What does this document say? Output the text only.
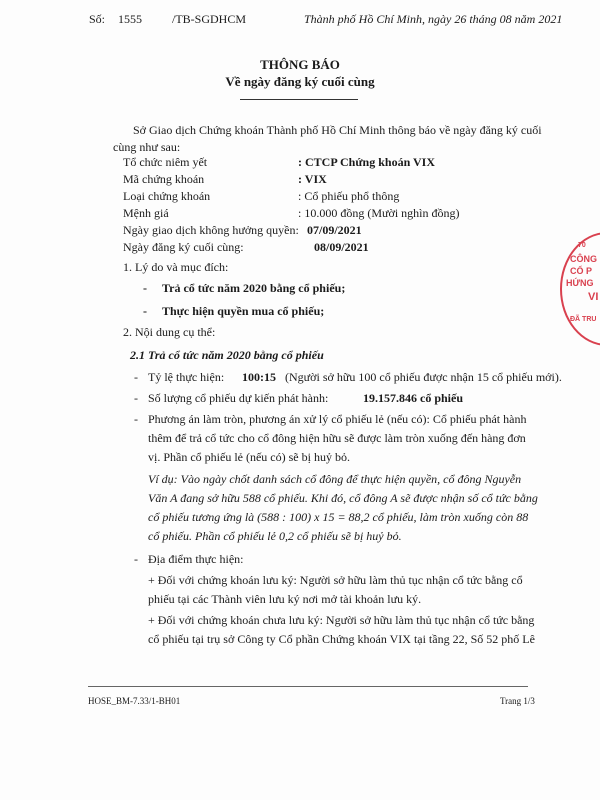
Số: 1555	/TB-SGDHCM	Thành phố Hồ Chí Minh, ngày 26 tháng 08 năm 2021
THÔNG BÁO
Về ngày đăng ký cuối cùng
Sở Giao dịch Chứng khoán Thành phố Hồ Chí Minh thông báo về ngày đăng ký cuối
cùng như sau:
Tổ chức niêm yết	: CTCP Chứng khoán VIX
Mã chứng khoán	: VIX
Loại chứng khoán	: Cổ phiếu phổ thông
Mệnh giá	: 10.000 đồng (Mười nghìn đồng)
Ngày giao dịch không hưởng quyền: 07/09/2021
Ngày đăng ký cuối cùng:	08/09/2021
1. Lý do và mục đích:
- Trả cổ tức năm 2020 bằng cổ phiếu;
- Thực hiện quyền mua cổ phiếu;
2. Nội dung cụ thể:
2.1 Trả cổ tức năm 2020 bằng cổ phiếu
- Tỷ lệ thực hiện: 100:15 (Người sở hữu 100 cổ phiếu được nhận 15 cổ phiếu mới).
- Số lượng cổ phiếu dự kiến phát hành:	19.157.846 cổ phiếu
- Phương án làm tròn, phương án xử lý cổ phiếu lẻ (nếu có): Cổ phiếu phát hành
thêm để trả cổ tức cho cổ đông hiện hữu sẽ được làm tròn xuống đến hàng đơn
vị. Phần cổ phiếu lẻ (nếu có) sẽ bị huỷ bỏ.
Ví dụ: Vào ngày chốt danh sách cổ đông để thực hiện quyền, cổ đông Nguyễn
Văn A đang sở hữu 588 cổ phiếu. Khi đó, cổ đông A sẽ được nhận số cổ tức bằng
cổ phiếu tương ứng là (588 : 100) x 15 = 88,2 cổ phiếu, làm tròn xuống còn 88
cổ phiếu. Phần cổ phiếu lẻ 0,2 cổ phiếu sẽ bị huỷ bỏ.
- Địa điểm thực hiện:
+ Đối với chứng khoán lưu ký: Người sở hữu làm thủ tục nhận cổ tức bằng cổ
phiếu tại các Thành viên lưu ký nơi mở tài khoản lưu ký.
+ Đối với chứng khoán chưa lưu ký: Người sở hữu làm thủ tục nhận cổ tức bằng
cổ phiếu tại trụ sở Công ty Cổ phần Chứng khoán VIX tại tầng 22, Số 52 phố Lê
HOSE_BM-7.33/1-BH01	Trang 1/3
70
CÔNG
CỔ P
HỨNG
VI
ĐÃ TRU
